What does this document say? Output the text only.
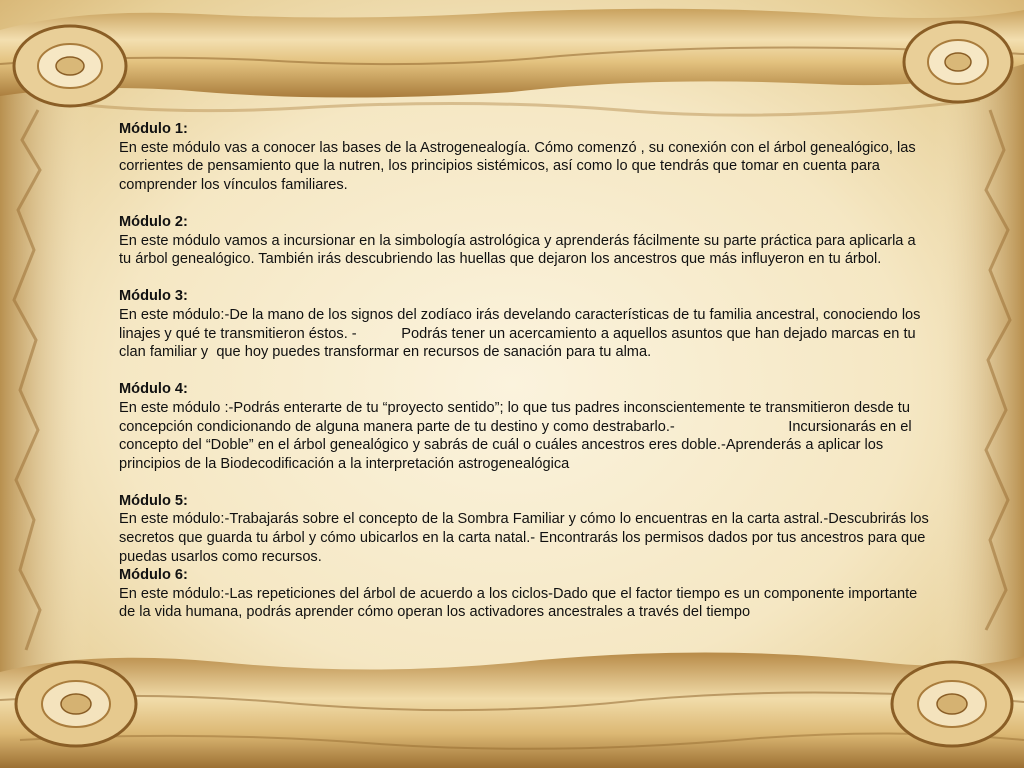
Módulo 1:
En este módulo vas a conocer las bases de la Astrogenealogía. Cómo comenzó , su conexión con el árbol genealógico, las corrientes de pensamiento que la nutren, los principios sistémicos, así como lo que tendrás que tomar en cuenta para comprender los vínculos familiares.
Módulo 2:
En este módulo vamos a incursionar en la simbología astrológica y aprenderás fácilmente su parte práctica para aplicarla a tu árbol genealógico. También irás descubriendo las huellas que dejaron los ancestros que más influyeron en tu árbol.
Módulo 3:
En este módulo:-De la mano de los signos del zodíaco irás develando características de tu familia ancestral, conociendo los linajes y qué te transmitieron éstos. -           Podrás tener un acercamiento a aquellos asuntos que han dejado marcas en tu clan familiar y  que hoy puedes transformar en recursos de sanación para tu alma.
Módulo 4:
En este módulo :-Podrás enterarte de tu “proyecto sentido”; lo que tus padres inconscientemente te transmitieron desde tu concepción condicionando de alguna manera parte de tu destino y como destrabarlo.-                            Incursionarás en el concepto del “Doble” en el árbol genealógico y sabrás de cuál o cuáles ancestros eres doble.-Aprenderás a aplicar los principios de la Biodecodificación a la interpretación astrogenealógica
Módulo 5:
En este módulo:-Trabajarás sobre el concepto de la Sombra Familiar y cómo lo encuentras en la carta astral.-Descubrirás los secretos que guarda tu árbol y cómo ubicarlos en la carta natal.- Encontrarás los permisos dados por tus ancestros para que puedas usarlos como recursos.
Módulo 6:
En este módulo:-Las repeticiones del árbol de acuerdo a los ciclos-Dado que el factor tiempo es un componente importante de la vida humana, podrás aprender cómo operan los activadores ancestrales a través del tiempo
